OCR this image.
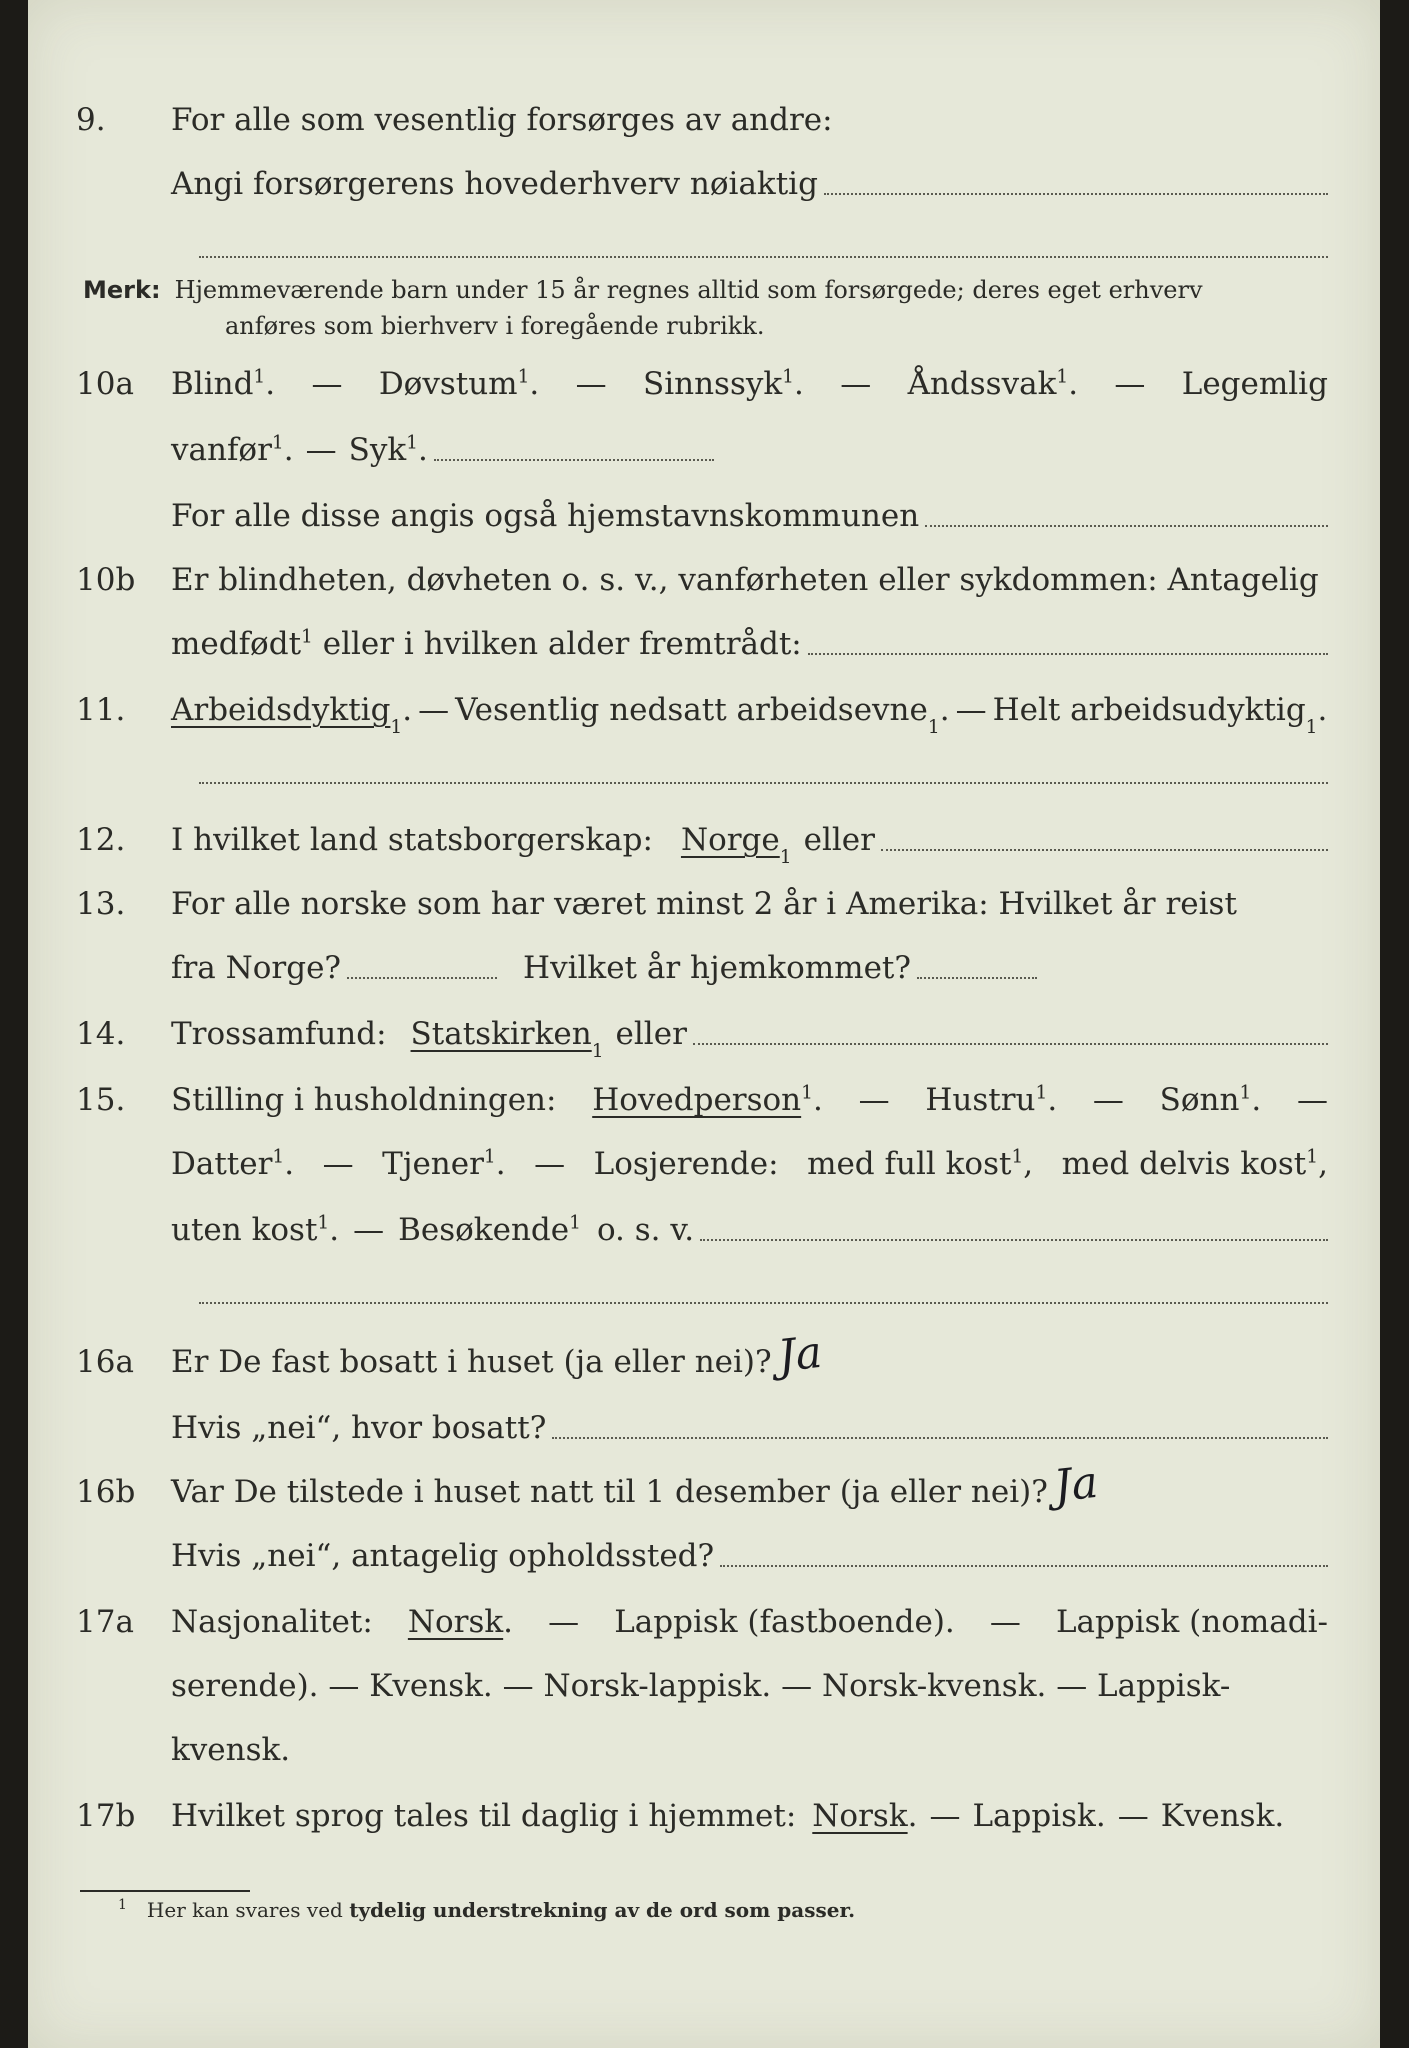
9. For alle som vesentlig forsørges av andre:
Angi forsørgerens hovederhverv nøiaktig
Merk: Hjemmeværende barn under 15 år regnes alltid som forsørgede; deres eget erhverv
anføres som bierhverv i foregående rubrikk.
10a Blind$^1$. — Døvstum$^1$. — Sinnssyk$^1$. — Åndssvak$^1$. — Legemlig
vanfør$^1$. — Syk$^1$.
For alle disse angis også hjemstavnskommunen
10b Er blindheten, døvheten o. s. v., vanførheten eller sykdommen: Antagelig
medfødt$^1$ eller i hvilken alder fremtrådt:
11. Arbeidsdyktig 1 . — Vesentlig nedsatt arbeidsevne 1 . — Helt arbeidsudyktig 1 .
12. I hvilket land statsborgerskap: Norge 1 eller
13. For alle norske som har været minst 2 år i Amerika: Hvilket år reist
fra Norge?	Hvilket år hjemkommet?
14. Trossamfund: Statskirken 1 eller
15. Stilling i husholdningen: Hovedperson$^1$. — Hustru$^1$. — Sønn$^1$. —
Datter$^1$. — Tjener$^1$. — Losjerende: med full kost$^1$, med delvis kost$^1$,
uten kost$^1$. — Besøkende$^1$ o. s. v.
16a Er De fast bosatt i huset (ja eller nei)? Ja
Hvis „nei“, hvor bosatt?
16b Var De tilstede i huset natt til 1 desember (ja eller nei)? Ja
Hvis „nei“, antagelig opholdssted?
17a Nasjonalitet: Norsk. — Lappisk (fastboende). — Lappisk (nomadi-
serende). — Kvensk. — Norsk-lappisk. — Norsk-kvensk. — Lappisk-
kvensk.
17b Hvilket sprog tales til daglig i hjemmet: Norsk . — Lappisk . — Kvensk .
$^1$ Her kan svares ved tydelig understrekning av de ord som passer.
